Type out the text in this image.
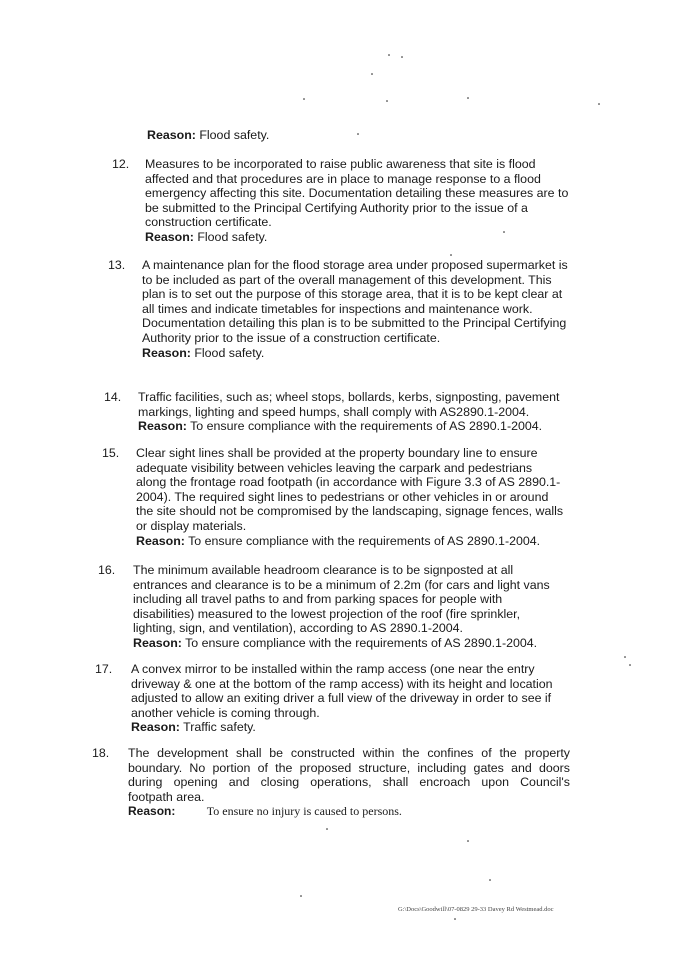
Reason: Flood safety.
12.	Measures to be incorporated to raise public awareness that site is flood
affected and that procedures are in place to manage response to a flood
emergency affecting this site. Documentation detailing these measures are to
be submitted to the Principal Certifying Authority prior to the issue of a
construction certificate.
Reason: Flood safety.
13.	A maintenance plan for the flood storage area under proposed supermarket is
to be included as part of the overall management of this development. This
plan is to set out the purpose of this storage area, that it is to be kept clear at
all times and indicate timetables for inspections and maintenance work.
Documentation detailing this plan is to be submitted to the Principal Certifying
Authority prior to the issue of a construction certificate.
Reason: Flood safety.
14.	Traffic facilities, such as; wheel stops, bollards, kerbs, signposting, pavement
markings, lighting and speed humps, shall comply with AS2890.1-2004.
Reason: To ensure compliance with the requirements of AS 2890.1-2004.
15.	Clear sight lines shall be provided at the property boundary line to ensure
adequate visibility between vehicles leaving the carpark and pedestrians
along the frontage road footpath (in accordance with Figure 3.3 of AS 2890.1-
2004). The required sight lines to pedestrians or other vehicles in or around
the site should not be compromised by the landscaping, signage fences, walls
or display materials.
Reason: To ensure compliance with the requirements of AS 2890.1-2004.
16.	The minimum available headroom clearance is to be signposted at all
entrances and clearance is to be a minimum of 2.2m (for cars and light vans
including all travel paths to and from parking spaces for people with
disabilities) measured to the lowest projection of the roof (fire sprinkler,
lighting, sign, and ventilation), according to AS 2890.1-2004.
Reason: To ensure compliance with the requirements of AS 2890.1-2004.
17.	A convex mirror to be installed within the ramp access (one near the entry
driveway & one at the bottom of the ramp access) with its height and location
adjusted to allow an exiting driver a full view of the driveway in order to see if
another vehicle is coming through.
Reason: Traffic safety.
18.	The development shall be constructed within the confines of the property
boundary. No portion of the proposed structure, including gates and doors
during opening and closing operations, shall encroach upon Council's
footpath area.
Reason:	To ensure no injury is caused to persons.
G:\Docs\Goodwill\07-0829 29-33 Davey Rd Westmead.doc
